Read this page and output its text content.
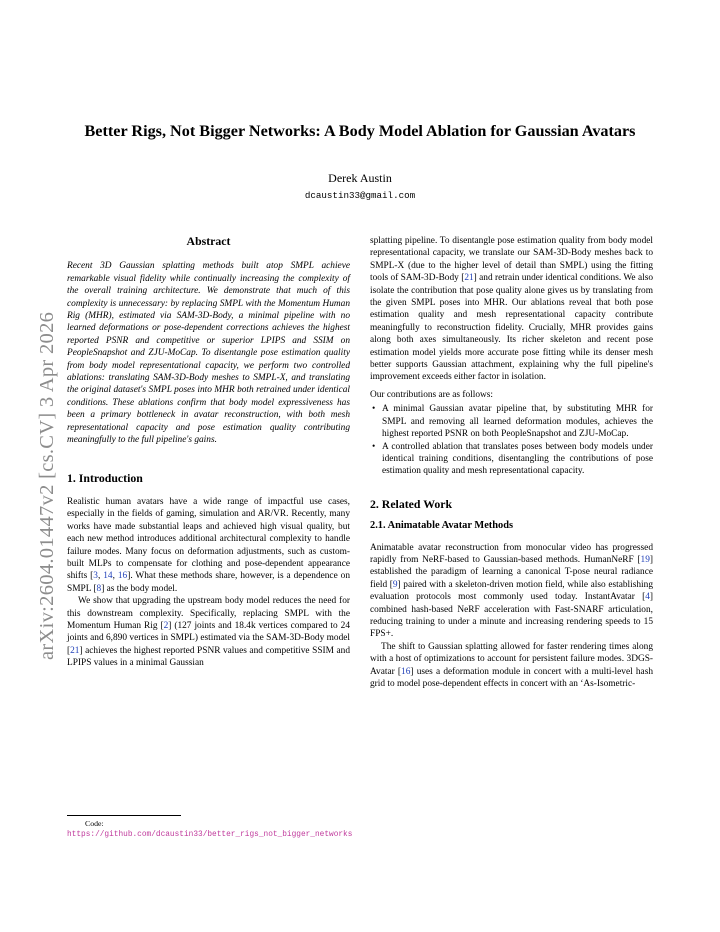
arXiv:2604.01447v2 [cs.CV] 3 Apr 2026
Better Rigs, Not Bigger Networks: A Body Model Ablation for Gaussian Avatars
Derek Austin
dcaustin33@gmail.com
Abstract

Recent 3D Gaussian splatting methods built atop SMPL achieve remarkable visual fidelity while continually increasing the complexity of the overall training architecture. We demonstrate that much of this complexity is unnecessary: by replacing SMPL with the Momentum Human Rig (MHR), estimated via SAM-3D-Body, a minimal pipeline with no learned deformations or pose-dependent corrections achieves the highest reported PSNR and competitive or superior LPIPS and SSIM on PeopleSnapshot and ZJU-MoCap. To disentangle pose estimation quality from body model representational capacity, we perform two controlled ablations: translating SAM-3D-Body meshes to SMPL-X, and translating the original dataset's SMPL poses into MHR both retrained under identical conditions. These ablations confirm that body model expressiveness has been a primary bottleneck in avatar reconstruction, with both mesh representational capacity and pose estimation quality contributing meaningfully to the full pipeline's gains.

1. Introduction

Realistic human avatars have a wide range of impactful use cases, especially in the fields of gaming, simulation and AR/VR. Recently, many works have made substantial leaps and achieved high visual quality, but each new method introduces additional architectural complexity to handle failure modes. Many focus on deformation adjustments, such as custom-built MLPs to compensate for clothing and pose-dependent appearance shifts [3, 14, 16]. What these methods share, however, is a dependence on SMPL [8] as the body model.

We show that upgrading the upstream body model reduces the need for this downstream complexity. Specifically, replacing SMPL with the Momentum Human Rig [2] (127 joints and 18.4k vertices compared to 24 joints and 6,890 vertices in SMPL) estimated via the SAM-3D-Body model [21] achieves the highest reported PSNR values and competitive SSIM and LPIPS values in a minimal Gaussian

splatting pipeline. To disentangle pose estimation quality from body model representational capacity, we translate our SAM-3D-Body meshes back to SMPL-X (due to the higher level of detail than SMPL) using the fitting tools of SAM-3D-Body [21] and retrain under identical conditions. We also isolate the contribution that pose quality alone gives us by translating from the given SMPL poses into MHR. Our ablations reveal that both pose estimation quality and mesh representational capacity contribute meaningfully to reconstruction fidelity. Crucially, MHR provides gains along both axes simultaneously. Its richer skeleton and recent pose estimation model yields more accurate pose fitting while its denser mesh better supports Gaussian attachment, explaining why the full pipeline's improvement exceeds either factor in isolation.

Our contributions are as follows:

• A minimal Gaussian avatar pipeline that, by substituting MHR for SMPL and removing all learned deformation modules, achieves the highest reported PSNR on both PeopleSnapshot and ZJU-MoCap.
• A controlled ablation that translates poses between body models under identical training conditions, disentangling the contributions of pose estimation quality and mesh representational capacity.
2. Related Work
2.1. Animatable Avatar Methods

Animatable avatar reconstruction from monocular video has progressed rapidly from NeRF-based to Gaussian-based methods. HumanNeRF [19] established the paradigm of learning a canonical T-pose neural radiance field [9] paired with a skeleton-driven motion field, while also establishing evaluation protocols most commonly used today. InstantAvatar [4] combined hash-based NeRF acceleration with Fast-SNARF articulation, reducing training to under a minute and increasing rendering speeds to 15 FPS+.

The shift to Gaussian splatting allowed for faster rendering times along with a host of optimizations to account for persistent failure modes. 3DGS-Avatar [16] uses a deformation module in concert with a multi-level hash grid to model pose-dependent effects in concert with an ‘As-Isometric-

Code: https://github.com/dcaustin33/better_rigs_not_bigger_networks
